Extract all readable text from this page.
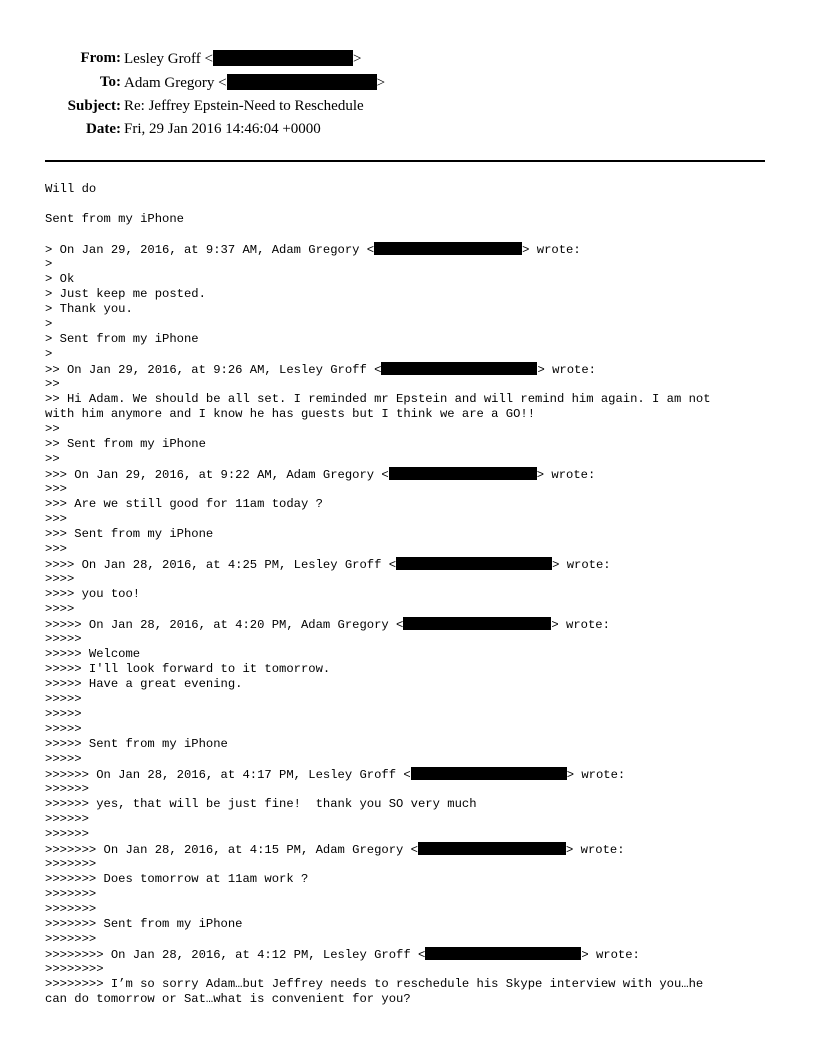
From: Lesley Groff <	>
To: Adam Gregory <	>
Subject: Re: Jeffrey Epstein-Need to Reschedule
Date: Fri, 29 Jan 2016 14:46:04 +0000
Will do
Sent from my iPhone
> On Jan 29, 2016, at 9:37 AM, Adam Gregory <	> wrote:
>
> Ok
> Just keep me posted.
> Thank you.
>
> Sent from my iPhone
>
>> On Jan 29, 2016, at 9:26 AM, Lesley Groff <	> wrote:
>>
>> Hi Adam. We should be all set. I reminded mr Epstein and will remind him again. I am not
with him anymore and I know he has guests but I think we are a GO!!
>>
>> Sent from my iPhone
>>
>>> On Jan 29, 2016, at 9:22 AM, Adam Gregory <	> wrote:
>>>
>>> Are we still good for 11am today ?
>>>
>>> Sent from my iPhone
>>>
>>>> On Jan 28, 2016, at 4:25 PM, Lesley Groff <	> wrote:
>>>>
>>>> you too!
>>>>
>>>>> On Jan 28, 2016, at 4:20 PM, Adam Gregory <	> wrote:
>>>>>
>>>>> Welcome
>>>>> I'll look forward to it tomorrow.
>>>>> Have a great evening.
>>>>>
>>>>>
>>>>>
>>>>> Sent from my iPhone
>>>>>
>>>>>> On Jan 28, 2016, at 4:17 PM, Lesley Groff <	> wrote:
>>>>>>
>>>>>> yes, that will be just fine!  thank you SO very much
>>>>>>
>>>>>>
>>>>>>> On Jan 28, 2016, at 4:15 PM, Adam Gregory <	> wrote:
>>>>>>>
>>>>>>> Does tomorrow at 11am work ?
>>>>>>>
>>>>>>>
>>>>>>> Sent from my iPhone
>>>>>>>
>>>>>>>> On Jan 28, 2016, at 4:12 PM, Lesley Groff <	> wrote:
>>>>>>>>
>>>>>>>> I’m so sorry Adam…but Jeffrey needs to reschedule his Skype interview with you…he
can do tomorrow or Sat…what is convenient for you?
